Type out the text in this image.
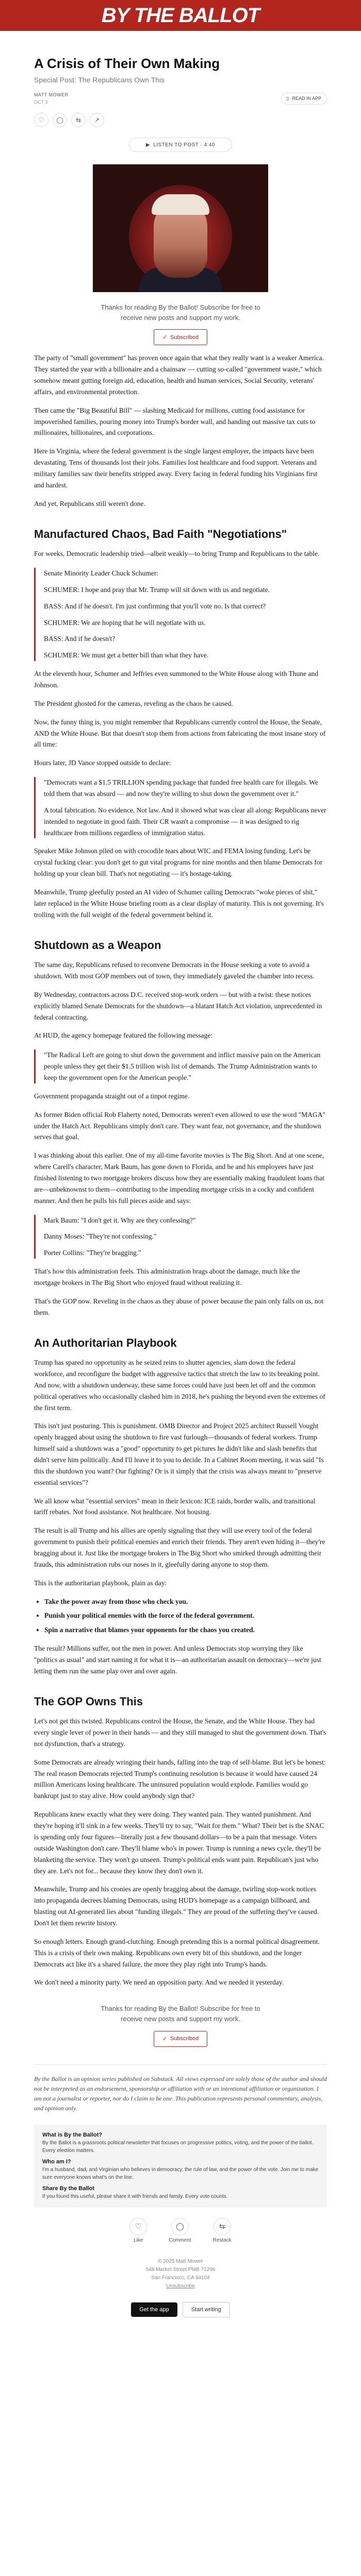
BY THE BALLOT
A Crisis of Their Own Making
Special Post: The Republicans Own This
MATT MOWER
OCT 3
▯ READ IN APP
♡	◯	⇆	↗
▶ LISTEN TO POST · 4:40
Thanks for reading By the Ballot! Subscribe for free to
receive new posts and support my work.
✓ Subscribed

The party of "small government" has proven once again that what they really want is a weaker America. They started the year with a billionaire and a chainsaw — cutting so-called "government waste," which somehow meant gutting foreign aid, education, health and human services, Social Security, veterans' affairs, and environmental protection.

Then came the "Big Beautiful Bill" — slashing Medicaid for millions, cutting food assistance for impoverished families, pouring money into Trump's border wall, and handing out massive tax cuts to millionaires, billionaires, and corporations.

Here in Virginia, where the federal government is the single largest employer, the impacts have been devastating. Tens of thousands lost their jobs. Families lost healthcare and food support. Veterans and military families saw their benefits stripped away. Every facing in federal funding hits Virginians first and hardest.

And yet, Republicans still weren't done.

Manufactured Chaos, Bad Faith "Negotiations"

For weeks, Democratic leadership tried—albeit weakly—to bring Trump and Republicans to the table.

Senate Minority Leader Chuck Schumer:

SCHUMER: I hope and pray that Mr. Trump will sit down with us and negotiate.

BASS: And if he doesn't. I'm just confirming that you'll vote no. Is that correct?

SCHUMER: We are hoping that he will negotiate with us.

BASS: And if he doesn't?

SCHUMER: We must get a better bill than what they have.

At the eleventh hour, Schumer and Jeffries even summoned to the White House along with Thune and Johnson.

The President ghosted for the cameras, reveling as the chaos he caused.

Now, the funny thing is, you might remember that Republicans currently control the House, the Senate, AND the White House. But that doesn't stop them from actions from fabricating the most insane story of all time:

Hours later, JD Vance stopped outside to declare:

"Democrats want a $1.5 TRILLION spending package that funded free health care for illegals. We told them that was absurd — and now they're willing to shut down the government over it."

A total fabrication. No evidence. Not law. And it showed what was clear all along: Republicans never intended to negotiate in good faith. Their CR wasn't a compromise — it was designed to rig healthcare from millions regardless of immigration status.

Speaker Mike Johnson piled on with crocodile tears about WIC and FEMA losing funding. Let's be crystal fucking clear: you don't get to gut vital programs for nine months and then blame Democrats for holding up your clean bill. That's not negotiating — it's hostage-taking.

Meanwhile, Trump gleefully posted an AI video of Schumer calling Democrats "woke pieces of shit," later replaced in the White House briefing room as a clear display of maturity. This is not governing. It's trolling with the full weight of the federal government behind it.

Shutdown as a Weapon

The same day, Republicans refused to reconvene Democrats in the House seeking a vote to avoid a shutdown. With most GOP members out of town, they immediately gaveled the chamber into recess.

By Wednesday, contractors across D.C. received stop-work orders — but with a twist: these notices explicitly blamed Senate Democrats for the shutdown—a blatant Hatch Act violation, unprecedented in federal contracting.

At HUD, the agency homepage featured the following message:

"The Radical Left are going to shut down the government and inflict massive pain on the American people unless they get their $1.5 trillion wish list of demands. The Trump Administration wants to keep the government open for the American people."

Government propaganda straight out of a tinpot regime.

As former Biden official Rob Flaherty noted, Democrats weren't even allowed to use the word "MAGA" under the Hatch Act. Republicans simply don't care. They want fear, not governance, and the shutdown serves that goal.

I was thinking about this earlier. One of my all-time favorite movies is The Big Short. And at one scene, where Carell's character, Mark Baum, has gone down to Florida, and he and his employees have just finished listening to two mortgage brokers discuss how they are essentially making fraudulent loans that are—unbeknownst to them—contributing to the impending mortgage crisis in a cocky and confident manner. And then he pulls his full pieces aside and says:

Mark Baum: "I don't get it. Why are they confessing?"

Danny Moses: "They're not confessing."

Porter Collins: "They're bragging."

That's how this administration feels. This administration brags about the damage, much like the mortgage brokers in The Big Short who enjoyed fraud without realizing it.

That's the GOP now. Reveling in the chaos as they abuse of power because the pain only falls on us, not them.

An Authoritarian Playbook

Trump has spared no opportunity as he seized reins to shutter agencies, slam down the federal workforce, and reconfigure the budget with aggressive tactics that stretch the law to its breaking point. And now, with a shutdown underway, these same forces could have just been let off and the common political operatives who occasionally clashed him in 2018, he's pushing the beyond even the extremes of the first term.

This isn't just posturing. This is punishment. OMB Director and Project 2025 architect Russell Vought openly bragged about using the shutdown to fire vast furlough—thousands of federal workers. Trump himself said a shutdown was a "good" opportunity to get pictures he didn't like and slash benefits that didn't serve him politically. And I'll leave it to you to decide. In a Cabinet Room meeting, it was said "Is this the shutdown you want? Our fighting? Or is it simply that the crisis was always meant to "preserve essential services"?

We all know what "essential services" mean in their lexicon: ICE raids, border walls, and transitional tariff rebates. Not food assistance. Not healthcare. Not housing.

The result is all Trump and his allies are openly signaling that they will use every tool of the federal government to punish their political enemies and enrich their friends. They aren't even hiding it—they're bragging about it. Just like the mortgage brokers in The Big Short who smirked through admitting their frauds, this administration rubs our noses in it, gleefully daring anyone to stop them.

This is the authoritarian playbook, plain as day:

• Take the power away from those who check you.
• Punish your political enemies with the force of the federal government.
• Spin a narrative that blames your opponents for the chaos you created.

The result? Millions suffer, not the men in power. And unless Democrats stop worrying they like "politics as usual" and start naming it for what it is—an authoritarian assault on democracy—we're just letting them run the same play over and over again.

The GOP Owns This

Let's not get this twisted. Republicans control the House, the Senate, and the White House. They had every single lever of power in their hands — and they still managed to shut the government down. That's not dysfunction, that's a strategy.

Some Democrats are already wringing their hands, falling into the trap of self-blame. But let's be honest: The real reason Democrats rejected Trump's continuing resolution is because it would have caused 24 million Americans losing healthcare. The uninsured population would explode. Families would go bankrupt just to stay alive. How could anybody sign that?

Republicans knew exactly what they were doing. They wanted pain. They wanted punishment. And they're hoping it'll sink in a few weeks. They'll try to say, "Wait for them." What? Their bet is the SNAC is spending only four figures—literally just a few thousand dollars—to be a pain that message. Voters outside Washington don't care. They'll blame who's in power. Trump is running a news cycle, they'll be blanketing the service. They won't go unseen. Trump's political ends want pain. Republican's just who they are. Let's not for... because they know they don't own it.

Meanwhile, Trump and his cronies are openly bragging about the damage, twirling stop-work notices into propaganda decrees blaming Democrats, using HUD's homepage as a campaign billboard, and blasting out AI-generated lies about "funding illegals." They are proud of the suffering they've caused. Don't let them rewrite history.

So enough letters. Enough grand-clutching. Enough pretending this is a normal political disagreement. This is a crisis of their own making. Republicans own every bit of this shutdown, and the longer Democrats act like it's a shared failure, the more they play right into Trump's hands.

We don't need a minority party. We need an opposition party. And we needed it yesterday.

Thanks for reading By the Ballot! Subscribe for free to
receive new posts and support my work.
✓ Subscribed
By the Ballot is an opinion series published on Substack. All views expressed are solely those of the author and should not be interpreted as an endorsement, sponsorship or affiliation with or an intentional affiliation or organization. I am not a journalist or reporter, nor do I claim to be one. This publication represents personal commentary, analysis, and opinion only.
What is By the Ballot?

By the Ballot is a grassroots political newsletter that focuses on progressive politics, voting, and the power of the ballot. Every election matters.

Who am I?

I'm a husband, dad, and Virginian who believes in democracy, the rule of law, and the power of the vote. Join me to make sure everyone knows what's on the line.

Share By the Ballot

If you found this useful, please share it with friends and family. Every vote counts.

♡
Like
◯
Comment
⇆
Restack
© 2025 Matt Mower
548 Market Street PMB 72296
San Francisco, CA 94104
Unsubscribe
Get the app	Start writing
